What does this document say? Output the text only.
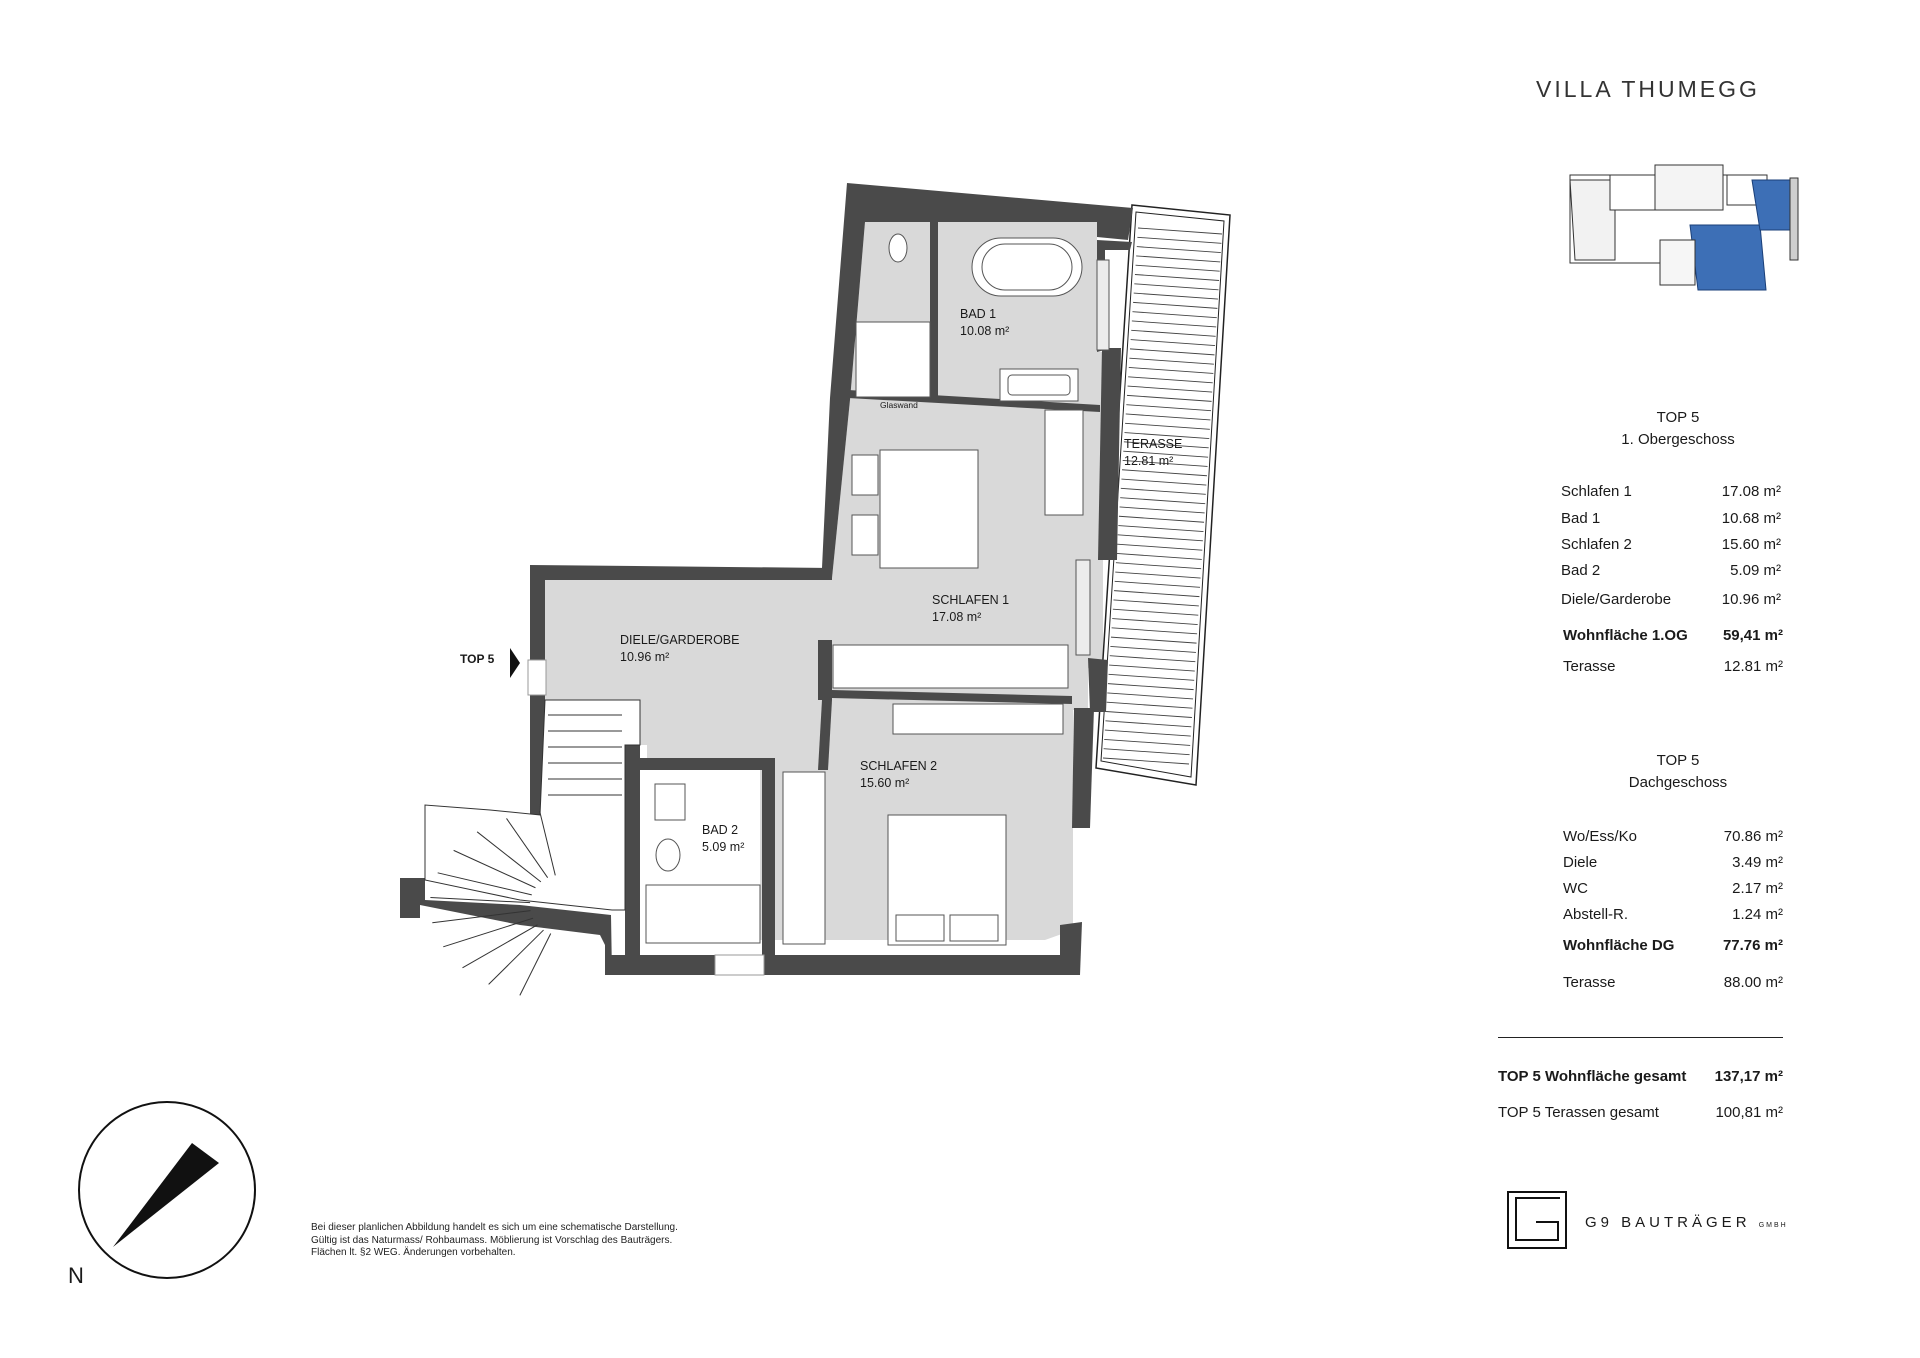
BAD 1
10.08 m²
Glaswand
TERASSE
12.81 m²
SCHLAFEN 1
17.08 m²
DIELE/GARDEROBE
10.96 m²
SCHLAFEN 2
15.60 m²
BAD 2
5.09 m²
TOP 5
VILLA THUMEGG
TOP 5
1. Obergeschoss
Schlafen 1	17.08 m²
Bad 1	10.68 m²
Schlafen 2	15.60 m²
Bad 2	5.09 m²
Diele/Garderobe	10.96 m²
Wohnfläche 1.OG 59,41 m²
Terasse	12.81 m²
TOP 5
Dachgeschoss
Wo/Ess/Ko	70.86 m²
Diele	3.49 m²
WC	2.17 m²
Abstell-R.	1.24 m²
Wohnfläche DG	77.76 m²
Terasse	88.00 m²
TOP 5 Wohnfläche gesamt 137,17 m²
TOP 5 Terassen gesamt	100,81 m²
G9 BAUTRÄGER GMBH
Bei dieser planlichen Abbildung handelt es sich um eine schematische Darstellung.
Gültig ist das Naturmass/ Rohbaumass. Möblierung ist Vorschlag des Bauträgers.
Flächen lt. §2 WEG. Änderungen vorbehalten.
N
